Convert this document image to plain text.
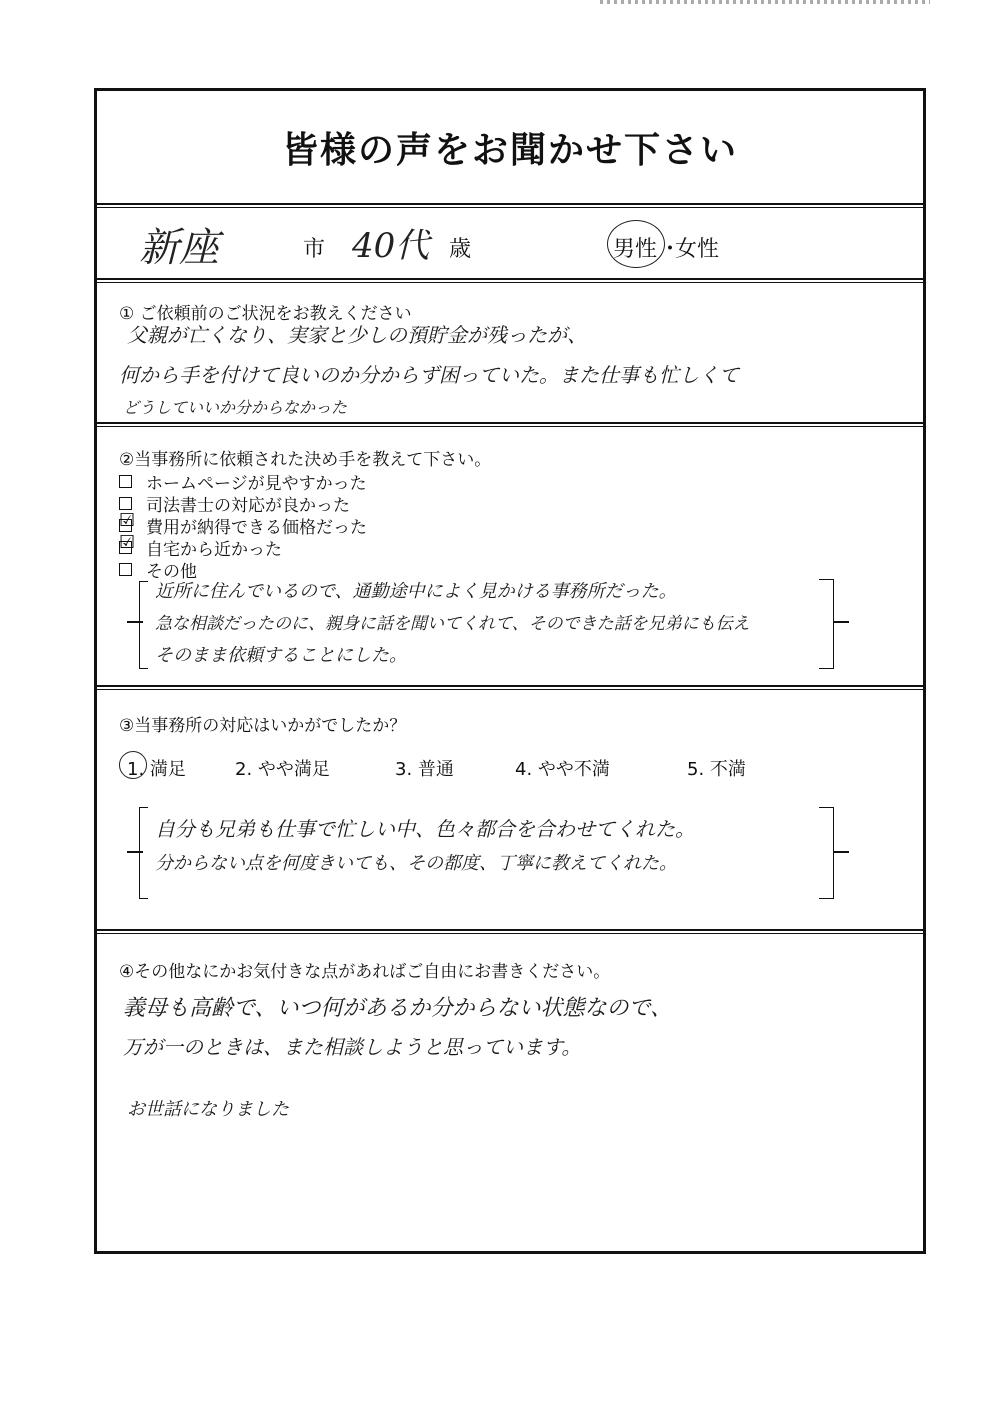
皆様の声をお聞かせ下さい
新座	市 40代 歳	男性 ・
女性
① ご依頼前のご状況をお教えください
父親が亡くなり、実家と少しの預貯金が残ったが、
何から手を付けて良いのか分からず困っていた。また仕事も忙しくて
どうしていいか分からなかった
②当事務所に依頼された決め手を教えて下さい。
ホームページが見やすかった
司法書士の対応が良かった
☑ 費用が納得できる価格だった
☑ 自宅から近かった
その他
近所に住んでいるので、通勤途中によく見かける事務所だった。
急な相談だったのに、親身に話を聞いてくれて、そのできた話を兄弟にも伝え
そのまま依頼することにした。
③当事務所の対応はいかがでしたか？
1. 満足	2. やや満足	3. 普通	4. やや不満	5. 不満
自分も兄弟も仕事で忙しい中、色々都合を合わせてくれた。
分からない点を何度きいても、その都度、丁寧に教えてくれた。
④その他なにかお気付きな点があればご自由にお書きください。
義母も高齢で、いつ何があるか分からない状態なので、
万が一のときは、また相談しようと思っています。
お世話になりました
